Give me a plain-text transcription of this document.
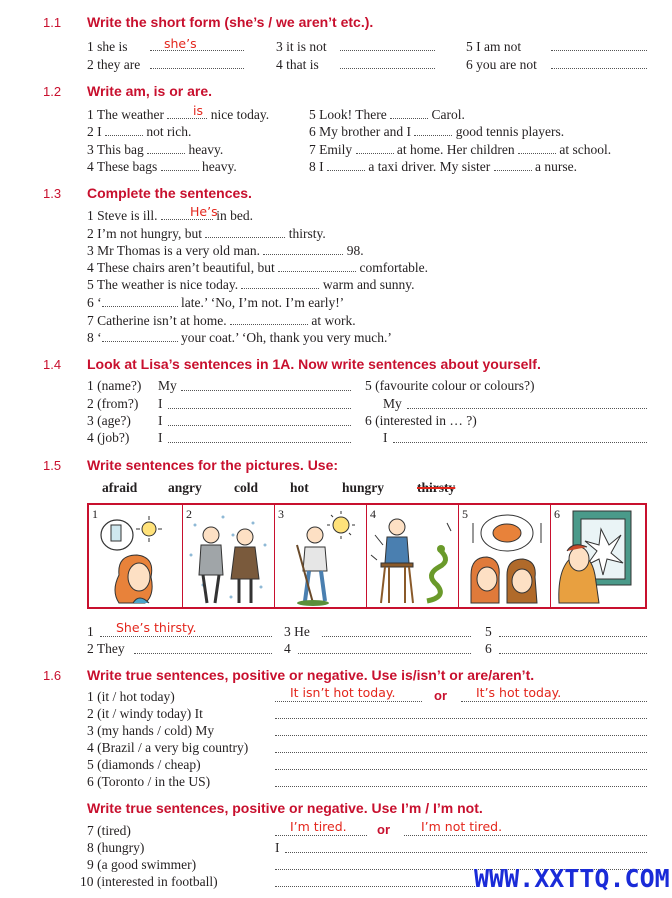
1.1 Write the short form (she’s / we aren’t etc.).
1 she is	she’s
2 they are
3 it is not
4 that is
5 I am not
6 you are not
1.2 Write am, is or are.
1 The weather	nice today.
is
2 I	not rich.
3 This bag	heavy.
4 These bags	heavy.
5 Look! There	Carol.
6 My brother and I	good tennis players.
7 Emily	at home. Her children	at school.
8 I	a taxi driver. My sister	a nurse.
1.3 Complete the sentences.
1 Steve is ill.	in bed.
He’s
2 I’m not hungry, but	thirsty.
3 Mr Thomas is a very old man.	98.
4 These chairs aren’t beautiful, but	comfortable.
5 The weather is nice today.	warm and sunny.
6 ‘	late.’ ‘No, I’m not. I’m early!’
7 Catherine isn’t at home.	at work.
8 ‘	your coat.’ ‘Oh, thank you very much.’
1.4 Look at Lisa’s sentences in 1A. Now write sentences about yourself.
1 (name?) My
2 (from?) I
3 (age?) I
4 (job?) I
5 (favourite colour or colours?)
My
6 (interested in … ?)
I
1.5 Write sentences for the pictures. Use:
afraid angry cold hot hungry thirsty
1	2	3	4	5	6
1 She’s thirsty.
2 They
3 He
4
5
6
1.6 Write true sentences, positive or negative. Use is/isn’t or are/aren’t.
1 (it / hot today)	It isn’t hot today.	or It’s hot today.
2 (it / windy today) It
3 (my hands / cold) My
4 (Brazil / a very big country)
5 (diamonds / cheap)
6 (Toronto / in the US)
Write true sentences, positive or negative. Use I’m / I’m not.
7 (tired)	I’m tired. or I’m not tired.
8 (hungry)	I
9 (a good swimmer)
10 (interested in football)	WWW.XXTTQ.COM
